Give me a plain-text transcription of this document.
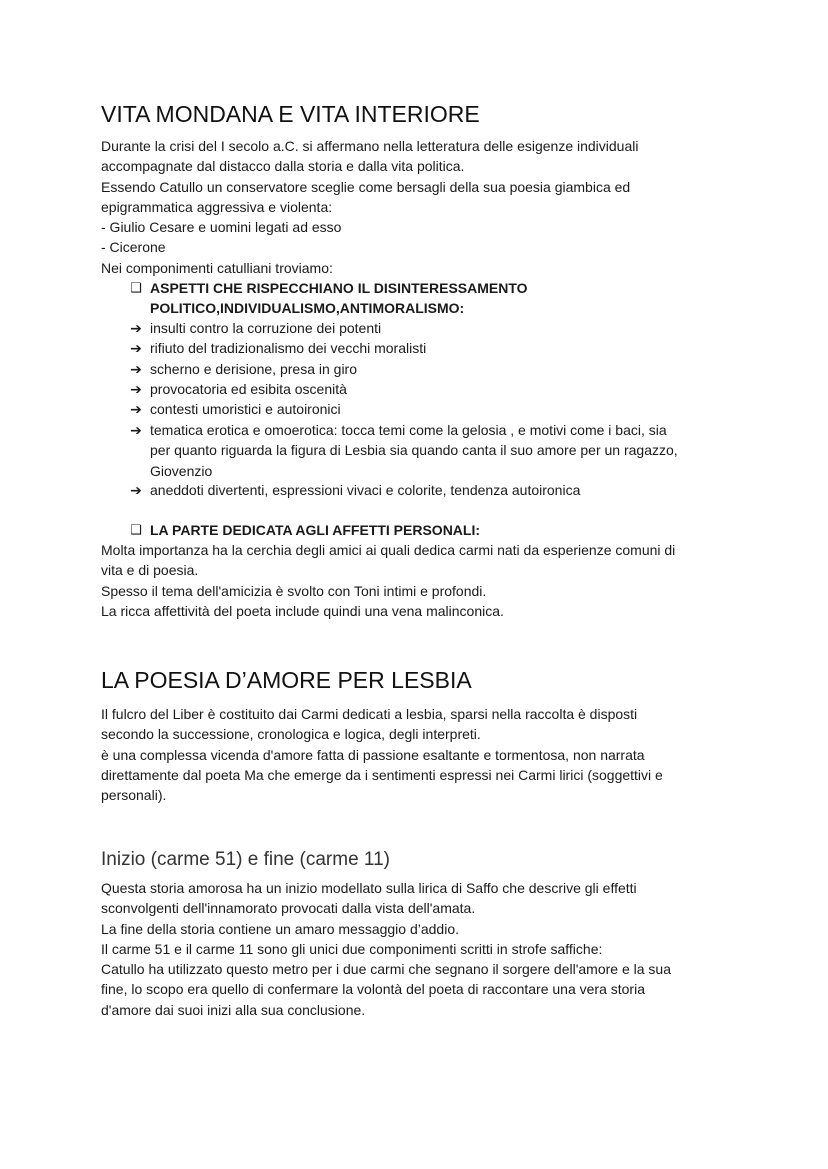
VITA MONDANA E VITA INTERIORE

Durante la crisi del I secolo a.C. si affermano nella letteratura delle esigenze individuali
accompagnate dal distacco dalla storia e dalla vita politica.
Essendo Catullo un conservatore sceglie come bersagli della sua poesia giambica ed
epigrammatica aggressiva e violenta:
- Giulio Cesare e uomini legati ad esso
- Cicerone
Nei componimenti catulliani troviamo:

❑ ASPETTI CHE RISPECCHIANO IL DISINTERESSAMENTO
POLITICO,INDIVIDUALISMO,ANTIMORALISMO:
➔ insulti contro la corruzione dei potenti
➔ rifiuto del tradizionalismo dei vecchi moralisti
➔ scherno e derisione, presa in giro
➔ provocatoria ed esibita oscenità
➔ contesti umoristici e autoironici
➔ tematica erotica e omoerotica: tocca temi come la gelosia , e motivi come i baci, sia
per quanto riguarda la figura di Lesbia sia quando canta il suo amore per un ragazzo,
Giovenzio
➔ aneddoti divertenti, espressioni vivaci e colorite, tendenza autoironica
❑ LA PARTE DEDICATA AGLI AFFETTI PERSONALI:

Molta importanza ha la cerchia degli amici ai quali dedica carmi nati da esperienze comuni di
vita e di poesia.
Spesso il tema dell'amicizia è svolto con Toni intimi e profondi.
La ricca affettività del poeta include quindi una vena malinconica.

LA POESIA D’AMORE PER LESBIA

Il fulcro del Liber è costituito dai Carmi dedicati a lesbia, sparsi nella raccolta è disposti
secondo la successione, cronologica e logica, degli interpreti.
è una complessa vicenda d'amore fatta di passione esaltante e tormentosa, non narrata
direttamente dal poeta Ma che emerge da i sentimenti espressi nei Carmi lirici (soggettivi e
personali).

Inizio (carme 51) e fine (carme 11)

Questa storia amorosa ha un inizio modellato sulla lirica di Saffo che descrive gli effetti
sconvolgenti dell'innamorato provocati dalla vista dell'amata.
La fine della storia contiene un amaro messaggio d’addio.
Il carme 51 e il carme 11 sono gli unici due componimenti scritti in strofe saffiche:
Catullo ha utilizzato questo metro per i due carmi che segnano il sorgere dell'amore e la sua
fine, lo scopo era quello di confermare la volontà del poeta di raccontare una vera storia
d'amore dai suoi inizi alla sua conclusione.
